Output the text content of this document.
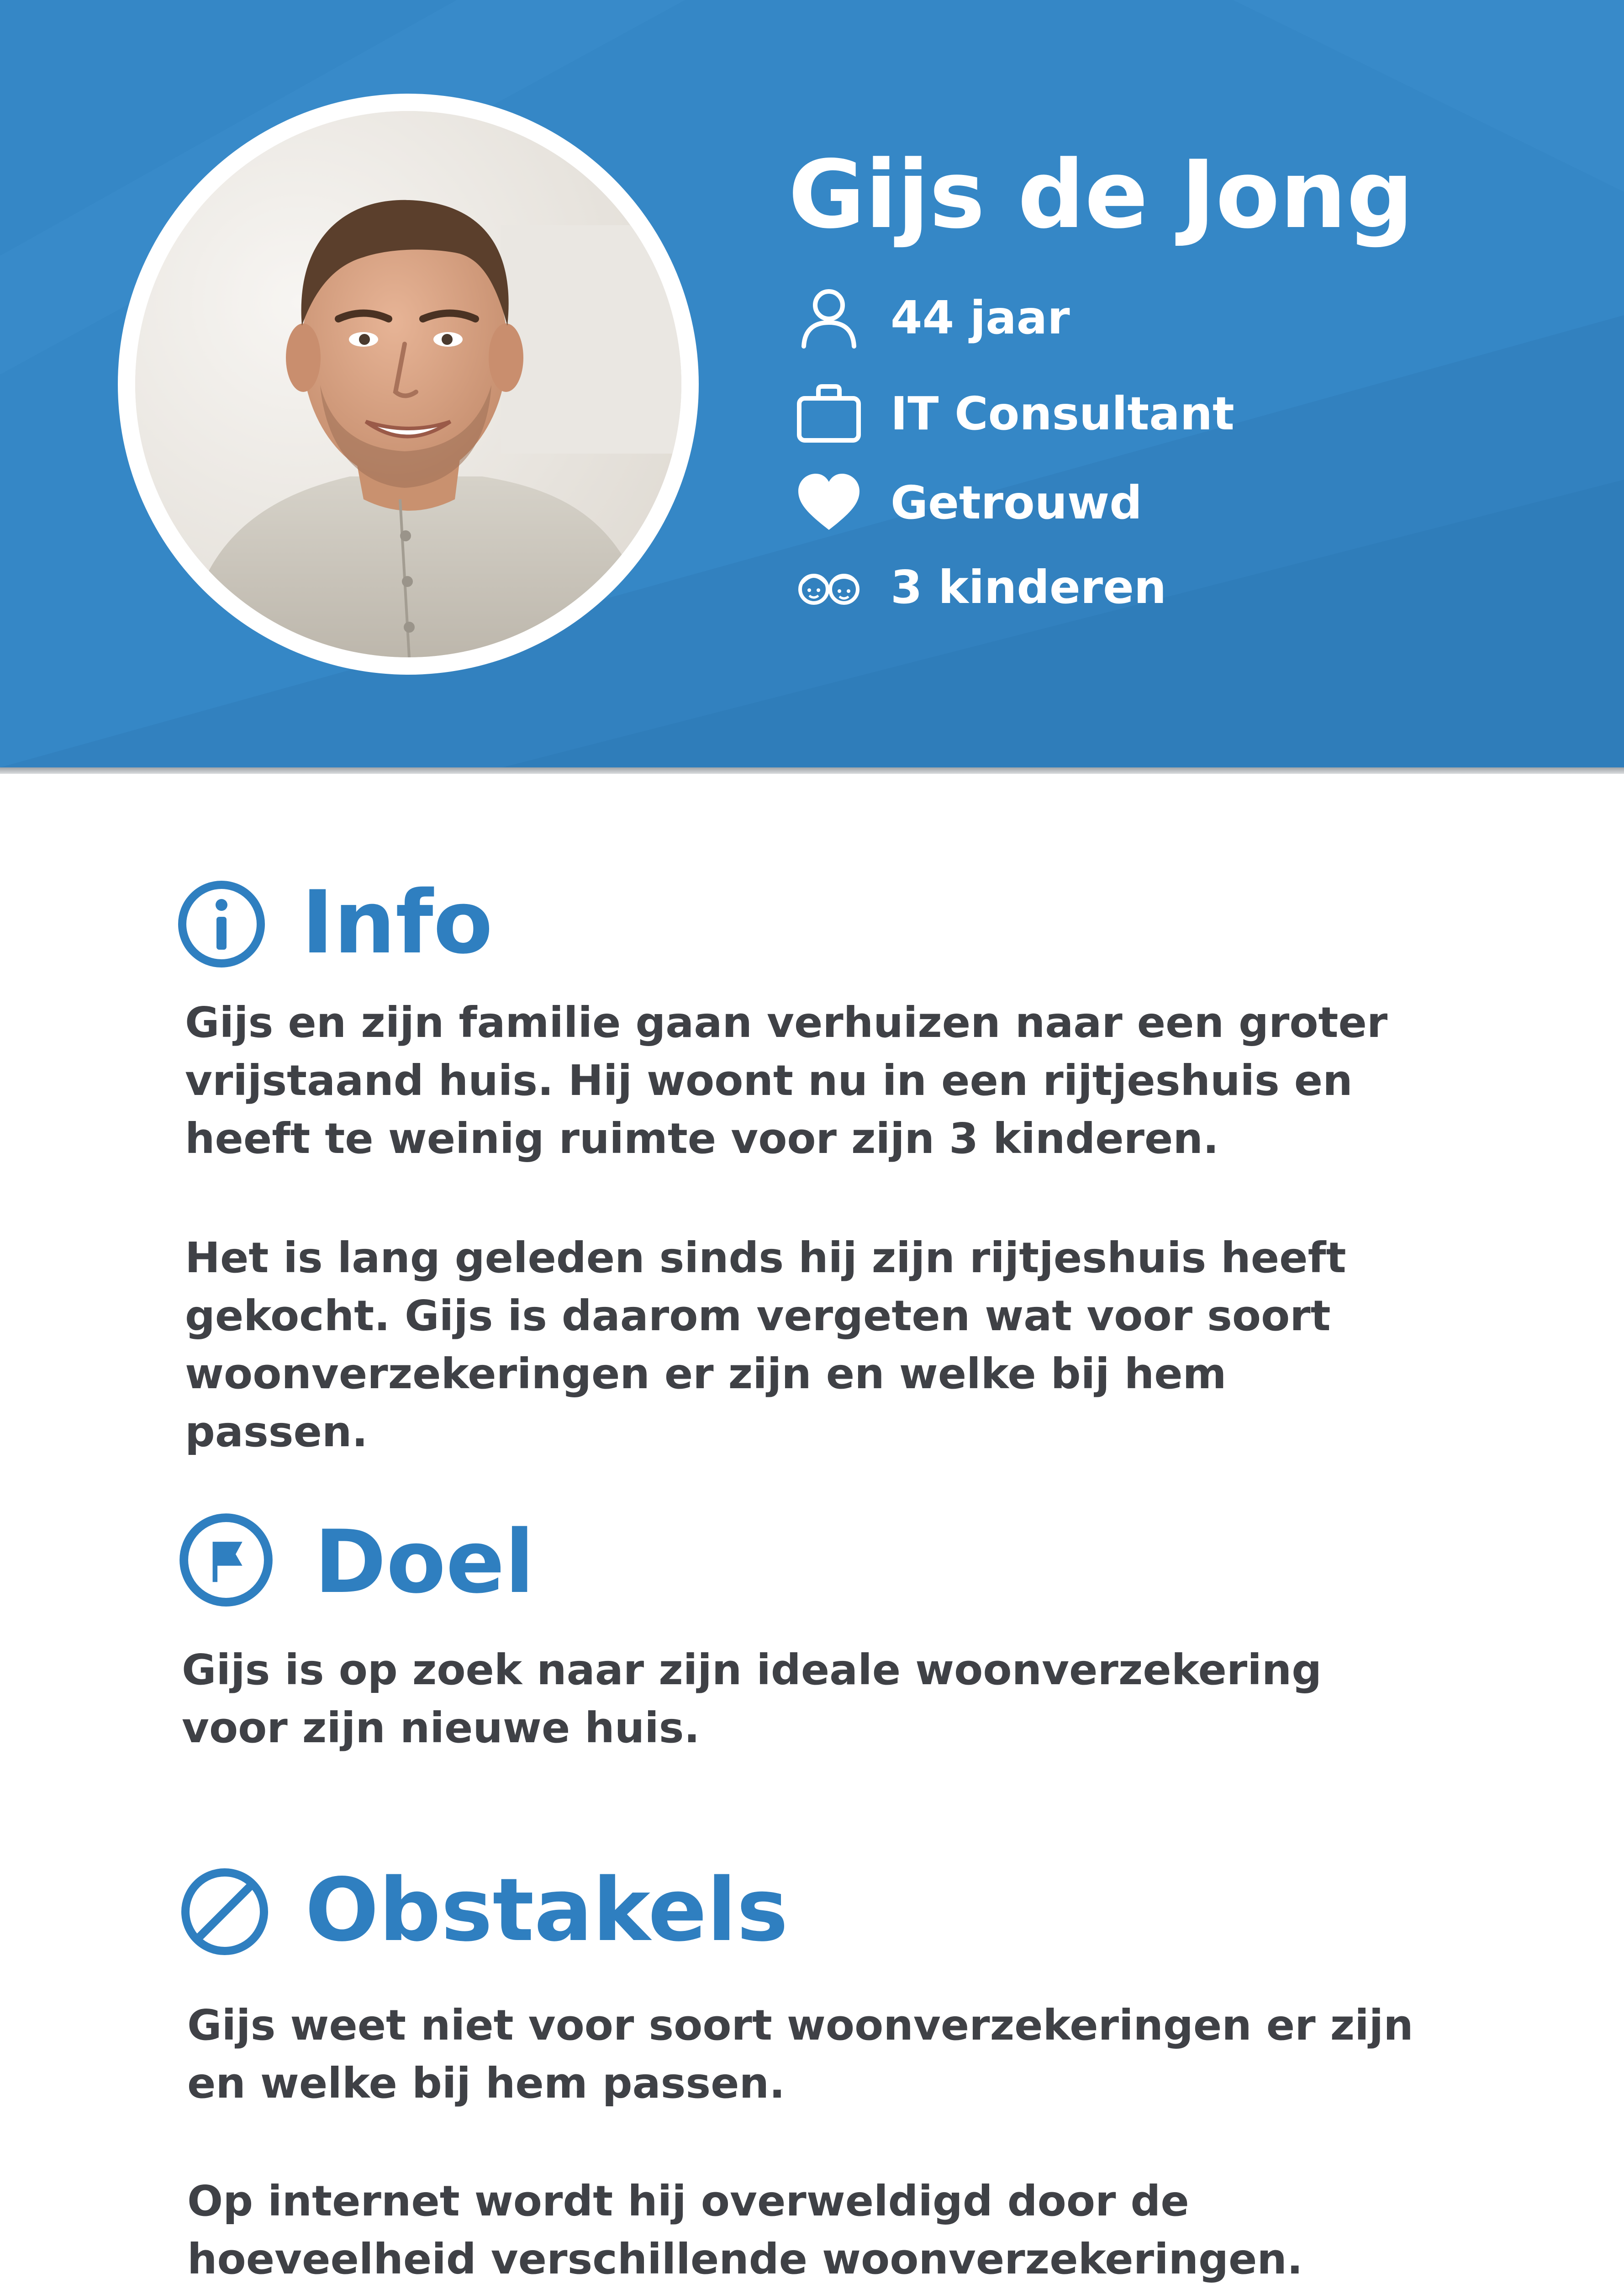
Gijs de Jong
44 jaar
IT Consultant
Getrouwd
3 kinderen
Info

Gijs en zijn familie gaan verhuizen naar een groter vrijstaand huis. Hij woont nu in een rijtjeshuis en heeft te weinig ruimte voor zijn 3 kinderen.

Het is lang geleden sinds hij zijn rijtjeshuis heeft gekocht. Gijs is daarom vergeten wat voor soort woonverzekeringen er zijn en welke bij hem passen.

Doel

Gijs is op zoek naar zijn ideale woonverzekering voor zijn nieuwe huis.

Obstakels

Gijs weet niet voor soort woonverzekeringen er zijn en welke bij hem passen.

Op internet wordt hij overweldigd door de hoeveelheid verschillende woonverzekeringen.
